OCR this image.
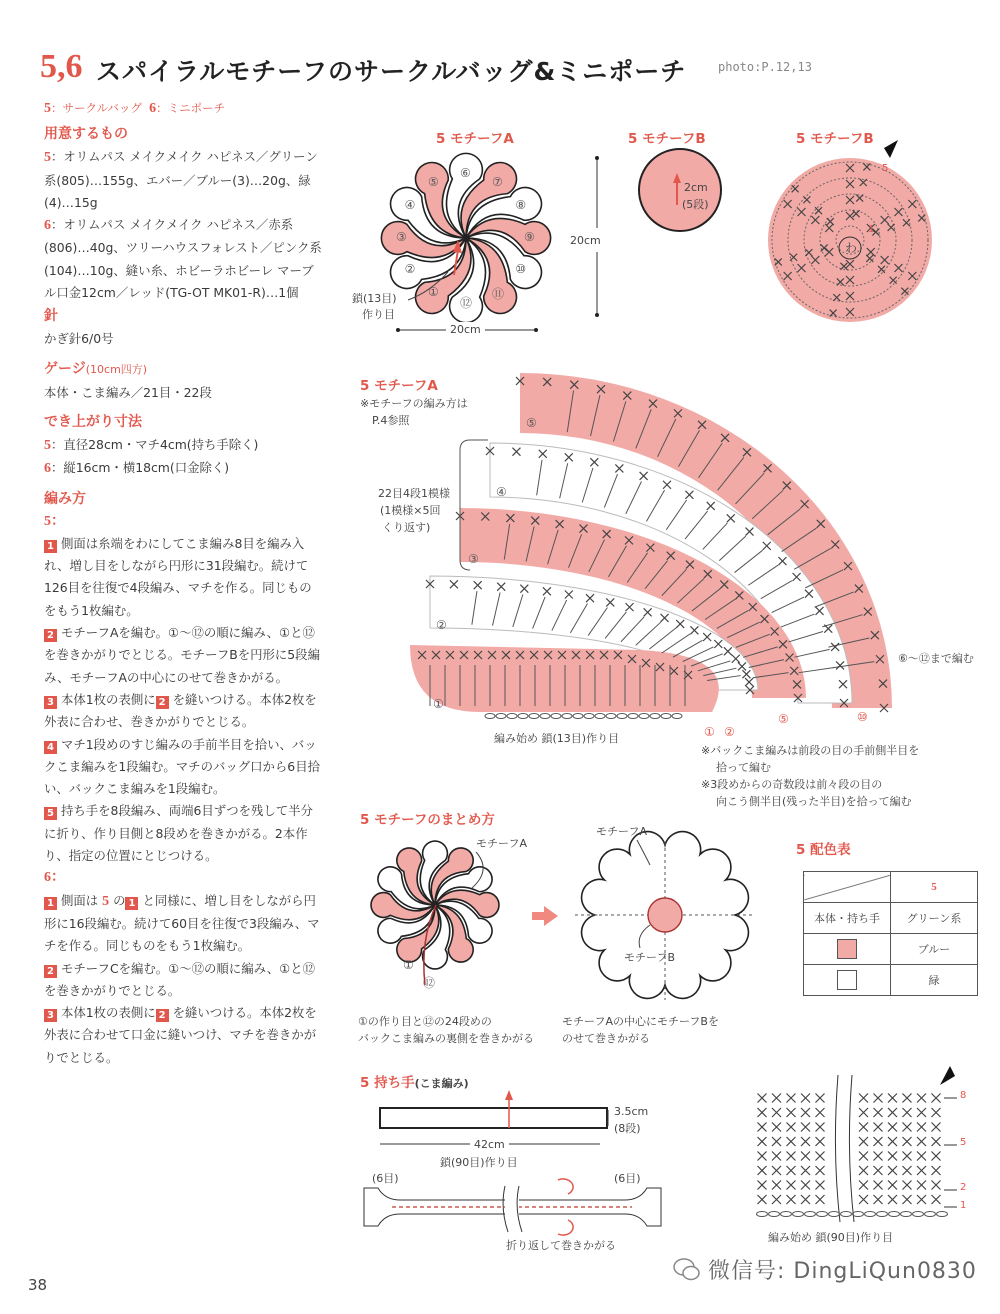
5,6 スパイラルモチーフのサークルバッグ&ミニポーチ	photo:P.12,13
5：サークルバッグ 6：ミニポーチ
用意するもの

5：オリムパス メイクメイク ハピネス／グリーン系(805)…155g、エバー／ブルー(3)…20g、緑(4)…15g

6：オリムパス メイクメイク ハピネス／赤系(806)…40g、ツリーハウスフォレスト／ピンク系(104)…10g、縫い糸、ホビーラホビーレ マーブル口金12cm／レッド(TG-OT MK01-R)…1個

針

かぎ針6/0号

ゲージ(10cm四方)

本体・こま編み／21目・22段

でき上がり寸法

5：直径28cm・マチ4cm(持ち手除く)

6：縦16cm・横18cm(口金除く)

編み方
5：

1 側面は糸端をわにしてこま編み8目を編み入れ、増し目をしながら円形に31段編む。続けて126目を往復で4段編み、マチを作る。同じものをもう1枚編む。

2 モチーフAを編む。①～⑫の順に編み、①と⑫を巻きかがりでとじる。モチーフBを円形に5段編み、モチーフAの中心にのせて巻きかがる。

3 本体1枚の表側に 2 を縫いつける。本体2枚を外表に合わせ、巻きかがりでとじる。

4 マチ1段めのすじ編みの手前半目を拾い、バックこま編みを1段編む。マチのバッグ口から6目拾い、バックこま編みを1段編む。

5 持ち手を8段編み、両端6目ずつを残して半分に折り、作り目側と8段めを巻きかがる。2本作り、指定の位置にとじつける。

6：

1 側面は 5 の 1 と同様に、増し目をしながら円形に16段編む。続けて60目を往復で3段編み、マチを作る。同じものをもう1枚編む。

2 モチーフCを編む。①～⑫の順に編み、①と⑫を巻きかがりでとじる。

3 本体1枚の表側に 2 を縫いつける。本体2枚を外表に合わせて口金に縫いつけ、マチを巻きかがりでとじる。

5 モチーフA
20cm
20cm
鎖(13目)
作り目
①
②
③
④
⑤
⑥
⑦
⑧
⑨
⑩
⑪
⑫
5 モチーフB
2cm
(5段)
5 モチーフB
わ
5
1
5 モチーフA
※モチーフの編み方は
P.4参照
22目4段1模様
(1模様×5回
くり返す)
⑤
④
③
②
①
編み始め 鎖(13目)作り目	① ②
⑤	⑩
⑥～⑫まで編む
※バックこま編みは前段の目の手前側半目を
拾って編む
※3段めからの奇数段は前々段の目の
向こう側半目(残った半目)を拾って編む
5 モチーフのまとめ方
モチーフA
①
⑫
モチーフA
モチーフB
①の作り目と⑫の24段めの
バックこま編みの裏側を巻きかがる
モチーフAの中心にモチーフBを
のせて巻きかがる
5 配色表
	5
本体・持ち手	グリーン系
	ブルー
	緑
5 持ち手(こま編み)
3.5cm
(8段)
42cm
鎖(90目)作り目
(6目)	(6目)
折り返して巻きかがる
編み始め 鎖(90目)作り目
8
5
2
1
微信号: DingLiQun0830
38
